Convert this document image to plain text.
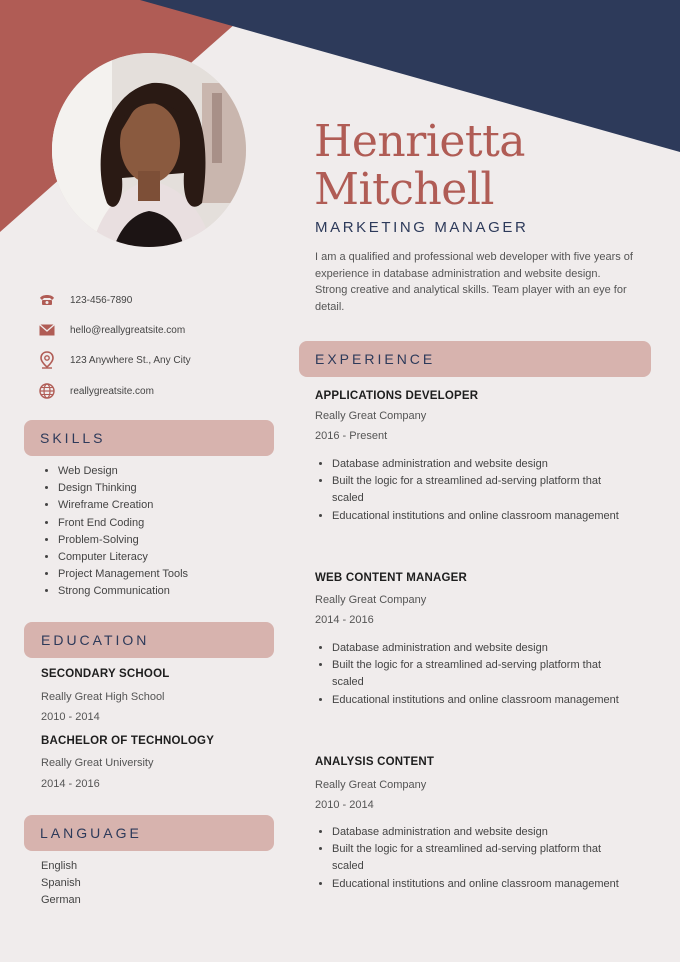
Henrietta
Mitchell
MARKETING MANAGER
I am a qualified and professional web developer with five years of experience in database administration and website design. Strong creative and analytical skills. Team player with an eye for detail.
123-456-7890
hello@reallygreatsite.com
123 Anywhere St., Any City
reallygreatsite.com
SKILLS
• Web Design
• Design Thinking
• Wireframe Creation
• Front End Coding
• Problem-Solving
• Computer Literacy
• Project Management Tools
• Strong Communication
EDUCATION
SECONDARY SCHOOL
Really Great High School
2010 - 2014
BACHELOR OF TECHNOLOGY
Really Great University
2014 - 2016
LANGUAGE
English
Spanish
German
EXPERIENCE
APPLICATIONS DEVELOPER
Really Great Company
2016 - Present
• Database administration and website design
• Built the logic for a streamlined ad-serving platform that scaled
• Educational institutions and online classroom management
WEB CONTENT MANAGER
Really Great Company
2014 - 2016
• Database administration and website design
• Built the logic for a streamlined ad-serving platform that scaled
• Educational institutions and online classroom management
ANALYSIS CONTENT
Really Great Company
2010 - 2014
• Database administration and website design
• Built the logic for a streamlined ad-serving platform that scaled
• Educational institutions and online classroom management
